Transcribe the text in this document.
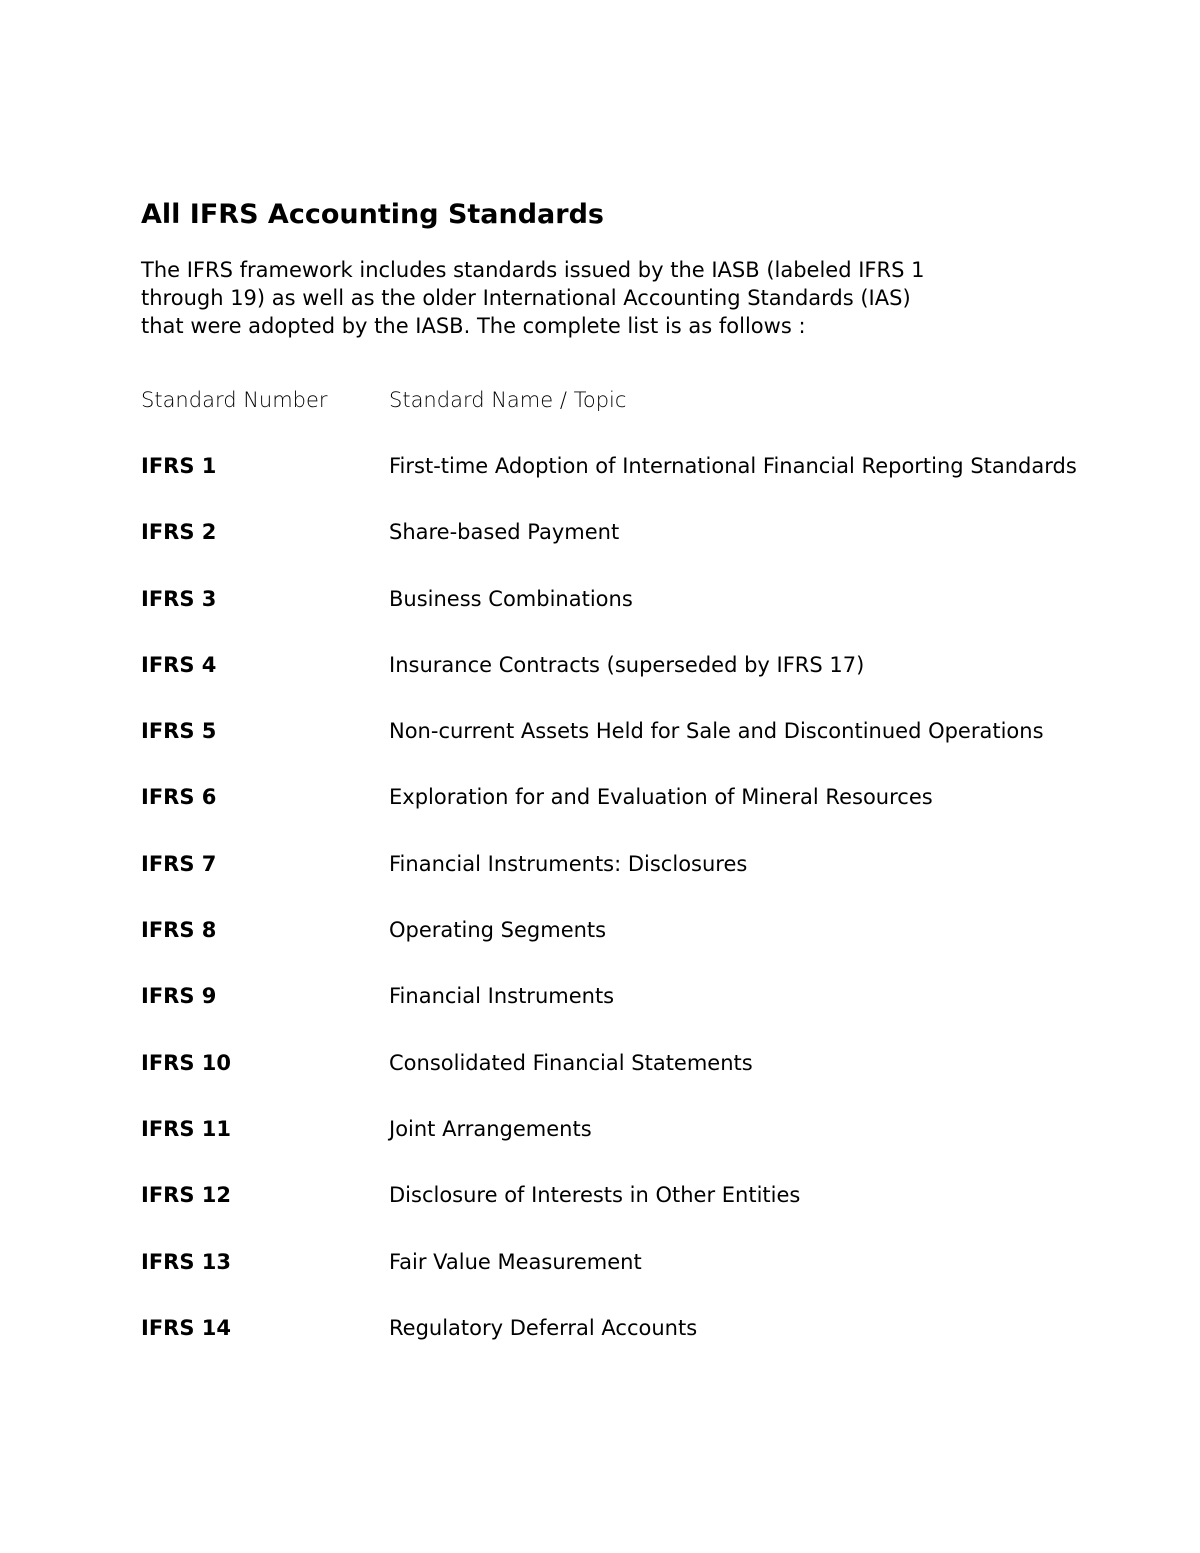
All IFRS Accounting Standards

The IFRS framework includes standards issued by the IASB (labeled IFRS 1
through 19) as well as the older International Accounting Standards (IAS)
that were adopted by the IASB. The complete list is as follows :

Standard Number	Standard Name / Topic
IFRS 1	First-time Adoption of International Financial Reporting Standards
IFRS 2	Share-based Payment
IFRS 3	Business Combinations
IFRS 4	Insurance Contracts (superseded by IFRS 17)
IFRS 5	Non-current Assets Held for Sale and Discontinued Operations
IFRS 6	Exploration for and Evaluation of Mineral Resources
IFRS 7	Financial Instruments: Disclosures
IFRS 8	Operating Segments
IFRS 9	Financial Instruments
IFRS 10	Consolidated Financial Statements
IFRS 11	Joint Arrangements
IFRS 12	Disclosure of Interests in Other Entities
IFRS 13	Fair Value Measurement
IFRS 14	Regulatory Deferral Accounts
